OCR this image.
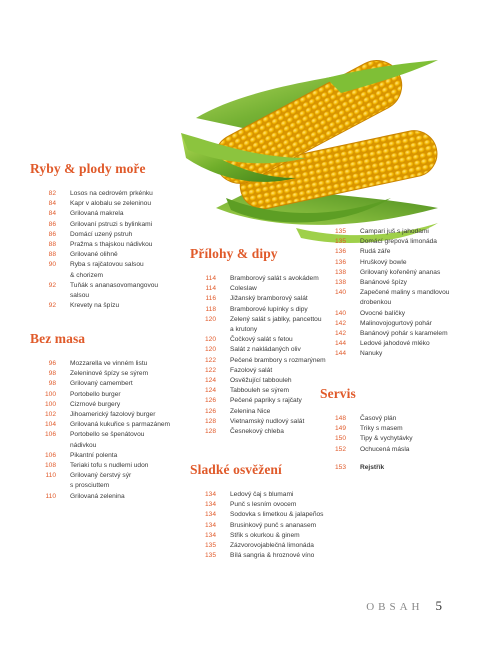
Ryby & plody moře
82	Losos na cedrovém prkénku
84	Kapr v alobalu se zeleninou
84	Grilovaná makrela
86	Grilovaní pstruzi s bylinkami
86	Domácí uzený pstruh
88	Pražma s thajskou nádivkou
88	Grilované olihně
90	Ryba s rajčatovou salsou
& chorizem
92	Tuňák s ananasovomangovou
salsou
92	Krevety na špízu
Bez masa
96	Mozzarella ve vinném listu
98	Zeleninové špízy se sýrem
98	Grilovaný camembert
100	Portobello burger
100	Cizrnové burgery
102	Jihoamerický fazolový burger
104	Grilovaná kukuřice s parmazánem
106	Portobello se špenátovou
nádivkou
106	Pikantní polenta
108	Teriaki tofu s nudlemi udon
110	Grilovaný čerstvý sýr
s prosciuttem
110	Grilovaná zelenina
Přílohy & dipy
114	Bramborový salát s avokádem
114	Coleslaw
116	Jižanský bramborový salát
118	Bramborové lupínky s dipy
120	Zelený salát s jablky, pancettou
a krutony
120	Čočkový salát s fetou
120	Salát z nakládaných oliv
122	Pečené brambory s rozmarýnem
122	Fazolový salát
124	Osvěžující tabbouleh
124	Tabbouleh se sýrem
126	Pečené papriky s rajčaty
126	Zelenina Nice
128	Vietnamský nudlový salát
128	Česnekový chleba
Sladké osvěžení
134	Ledový čaj s blumami
134	Punč s lesním ovocem
134	Sodovka s limetkou & jalapeños
134	Brusinkový punč s ananasem
134	Střik s okurkou & ginem
135	Zázvorovojablečná limonáda
135	Bílá sangria & hroznové víno
135	Campari juš s jahodami
135	Domácí grepová limonáda
136	Rudá záře
136	Hruškový bowle
138	Grilovaný kořeněný ananas
138	Banánové špízy
140	Zapečené maliny s mandlovou
drobenkou
140	Ovocné balíčky
142	Malinovojogurtový pohár
142	Banánový pohár s karamelem
144	Ledové jahodové mléko
144	Nanuky
Servis
148	Časový plán
149	Triky s masem
150	Tipy & vychytávky
152	Ochucená másla
153	Rejstřík
OBSAH 5
